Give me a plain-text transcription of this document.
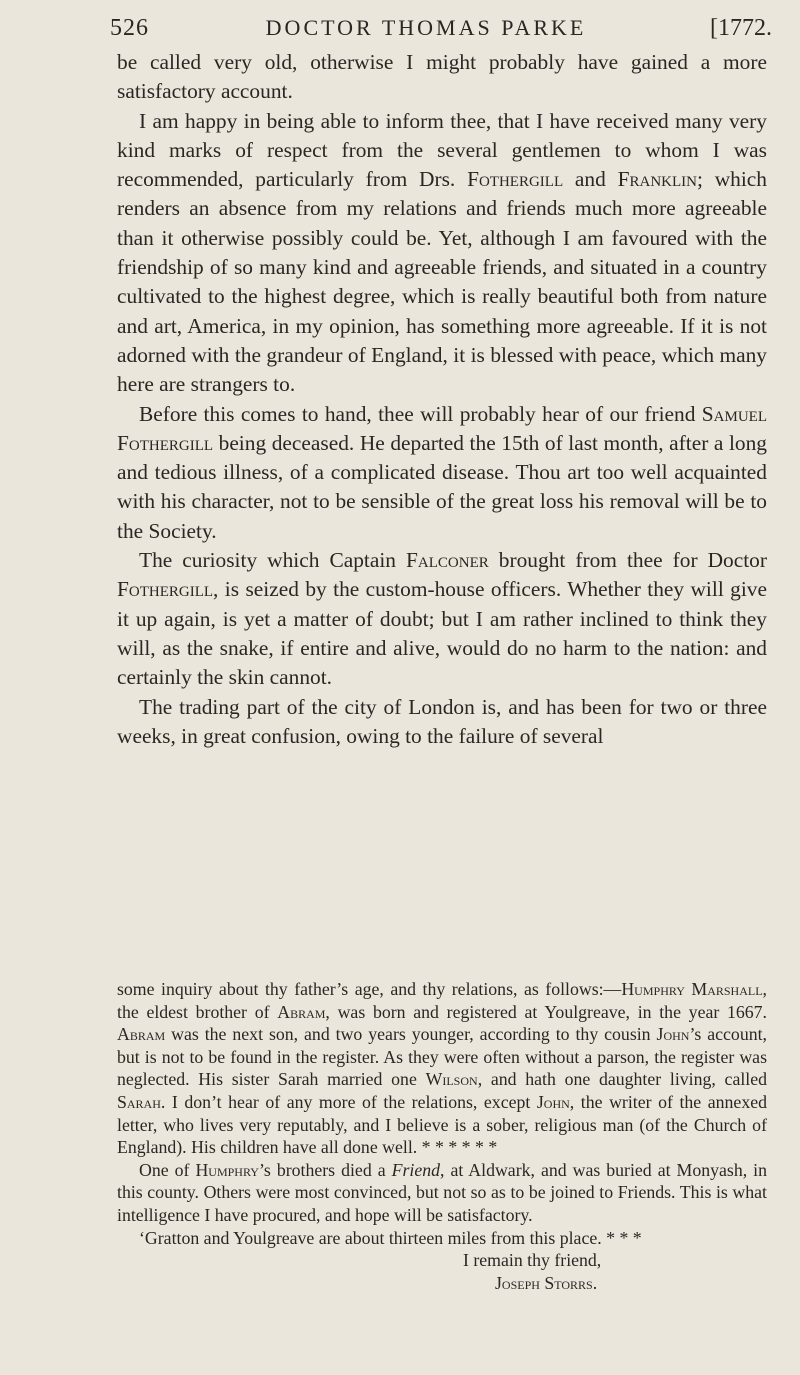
526	DOCTOR THOMAS PARKE	[1772.

be called very old, otherwise I might probably have gained a more satisfactory account.

I am happy in being able to inform thee, that I have received many very kind marks of respect from the several gentlemen to whom I was recommended, particularly from Drs. Fothergill and Franklin; which renders an absence from my relations and friends much more agreeable than it otherwise possibly could be. Yet, although I am favoured with the friendship of so many kind and agreeable friends, and situated in a country cultivated to the highest degree, which is really beautiful both from nature and art, America, in my opinion, has something more agreeable. If it is not adorned with the grandeur of England, it is blessed with peace, which many here are strangers to.

Before this comes to hand, thee will probably hear of our friend Samuel Fothergill being deceased. He departed the 15th of last month, after a long and tedious illness, of a complicated disease. Thou art too well acquainted with his character, not to be sensible of the great loss his removal will be to the Society.

The curiosity which Captain Falconer brought from thee for Doctor Fothergill, is seized by the custom-house officers. Whether they will give it up again, is yet a matter of doubt; but I am rather inclined to think they will, as the snake, if entire and alive, would do no harm to the nation: and certainly the skin cannot.

The trading part of the city of London is, and has been for two or three weeks, in great confusion, owing to the failure of several

some inquiry about thy father’s age, and thy relations, as follows:—Humphry Marshall, the eldest brother of Abram, was born and registered at Youlgreave, in the year 1667. Abram was the next son, and two years younger, according to thy cousin John’s account, but is not to be found in the register. As they were often without a parson, the register was neglected. His sister Sarah married one Wilson, and hath one daughter living, called Sarah. I don’t hear of any more of the relations, except John, the writer of the annexed letter, who lives very reputably, and I believe is a sober, religious man (of the Church of England). His children have all done well. * * * * * *

One of Humphry’s brothers died a Friend, at Aldwark, and was buried at Monyash, in this county. Others were most convinced, but not so as to be joined to Friends. This is what intelligence I have procured, and hope will be satisfactory.

‘Gratton and Youlgreave are about thirteen miles from this place. * * *

I remain thy friend,
Joseph Storrs.
